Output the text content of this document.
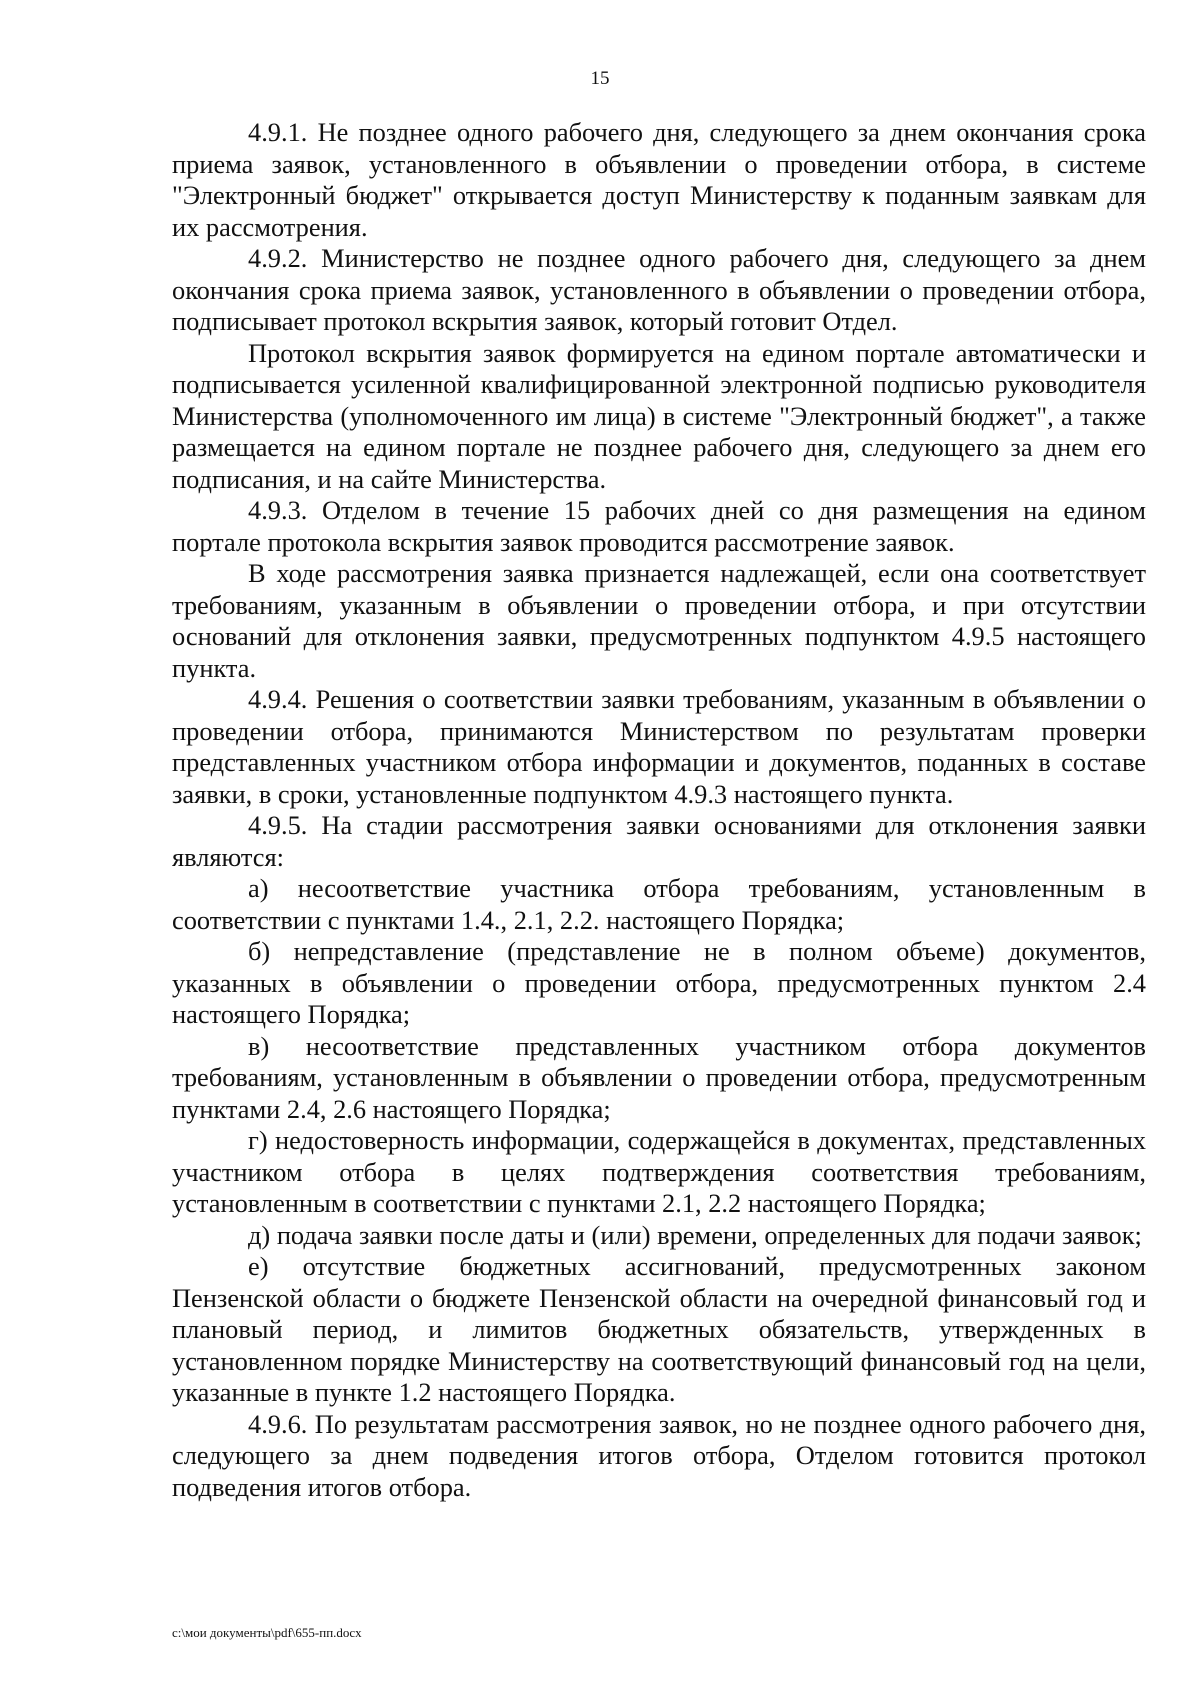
15

4.9.1. Не позднее одного рабочего дня, следующего за днем окончания срока приема заявок, установленного в объявлении о проведении отбора, в системе "Электронный бюджет" открывается доступ Министерству к поданным заявкам для их рассмотрения.

4.9.2. Министерство не позднее одного рабочего дня, следующего за днем окончания срока приема заявок, установленного в объявлении о проведении отбора, подписывает протокол вскрытия заявок, который готовит Отдел.

Протокол вскрытия заявок формируется на едином портале автоматически и подписывается усиленной квалифицированной электронной подписью руководителя Министерства (уполномоченного им лица) в системе "Электронный бюджет", а также размещается на едином портале не позднее рабочего дня, следующего за днем его подписания, и на сайте Министерства.

4.9.3. Отделом в течение 15 рабочих дней со дня размещения на едином портале протокола вскрытия заявок проводится рассмотрение заявок.

В ходе рассмотрения заявка признается надлежащей, если она соответствует требованиям, указанным в объявлении о проведении отбора, и при отсутствии оснований для отклонения заявки, предусмотренных подпунктом 4.9.5 настоящего пункта.

4.9.4. Решения о соответствии заявки требованиям, указанным в объявлении о проведении отбора, принимаются Министерством по результатам проверки представленных участником отбора информации и документов, поданных в составе заявки, в сроки, установленные подпунктом 4.9.3 настоящего пункта.

4.9.5. На стадии рассмотрения заявки основаниями для отклонения заявки являются:

а) несоответствие участника отбора требованиям, установленным в соответствии с пунктами 1.4., 2.1, 2.2. настоящего Порядка;

б) непредставление (представление не в полном объеме) документов, указанных в объявлении о проведении отбора, предусмотренных пунктом 2.4 настоящего Порядка;

в) несоответствие представленных участником отбора документов требованиям, установленным в объявлении о проведении отбора, предусмотренным пунктами 2.4, 2.6 настоящего Порядка;

г) недостоверность информации, содержащейся в документах, представленных участником отбора в целях подтверждения соответствия требованиям, установленным в соответствии с пунктами 2.1, 2.2 настоящего Порядка;

д) подача заявки после даты и (или) времени, определенных для подачи заявок;

е) отсутствие бюджетных ассигнований, предусмотренных законом Пензенской области о бюджете Пензенской области на очередной финансовый год и плановый период, и лимитов бюджетных обязательств, утвержденных в установленном порядке Министерству на соответствующий финансовый год на цели, указанные в пункте 1.2 настоящего Порядка.

4.9.6. По результатам рассмотрения заявок, но не позднее одного рабочего дня, следующего за днем подведения итогов отбора, Отделом готовится протокол подведения итогов отбора.

c:\мои документы\pdf\655-пп.docx
